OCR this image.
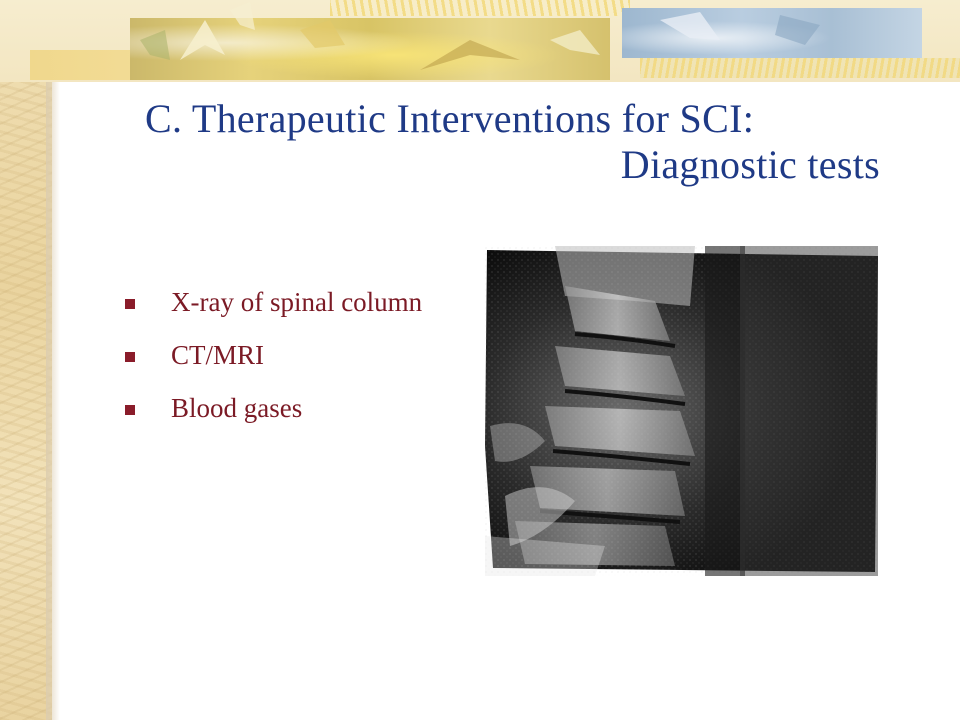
C. Therapeutic Interventions for SCI:
Diagnostic tests
X-ray of spinal column
CT/MRI
Blood gases
